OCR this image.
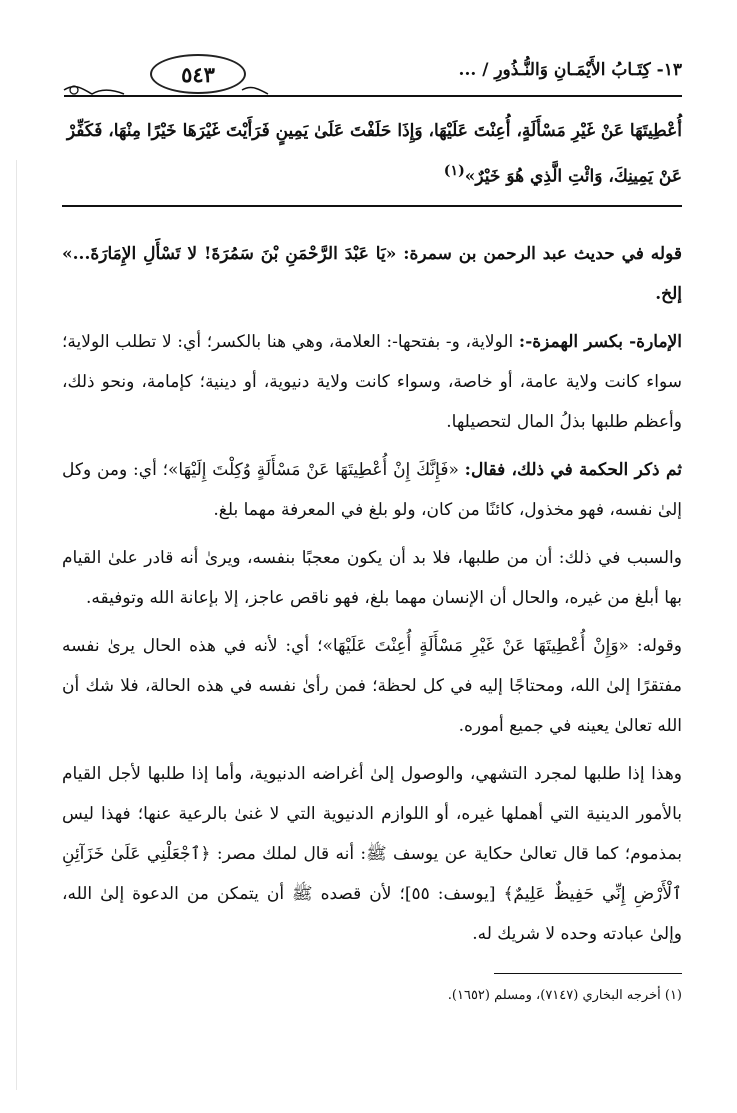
٥٤٣	١٣- كِتَـابُ الأَيْمَـانِ وَالنُّـذُورِ / ...

أُعْطِيتَهَا عَنْ غَيْرِ مَسْأَلَةٍ، أُعِنْتَ عَلَيْهَا، وَإِذَا حَلَفْتَ عَلَىٰ يَمِينٍ فَرَأَيْتَ غَيْرَهَا خَيْرًا مِنْهَا، فَكَفِّرْ

عَنْ يَمِينِكَ، وَائْتِ الَّذِي هُوَ خَيْرٌ»$^{(١)}$

قوله في حديث عبد الرحمن بن سمرة: «يَا عَبْدَ الرَّحْمَنِ بْنَ سَمُرَةَ! لا تَسْأَلِ الإِمَارَةَ...» إلخ.

الإمارة- بكسر الهمزة-: الولاية، و- بفتحها-: العلامة، وهي هنا بالكسر؛ أي: لا تطلب الولاية؛ سواء كانت ولاية عامة، أو خاصة، وسواء كانت ولاية دنيوية، أو دينية؛ كإمامة، ونحو ذلك، وأعظم طلبها بذلُ المال لتحصيلها.

ثم ذكر الحكمة في ذلك، فقال: «فَإِنَّكَ إِنْ أُعْطِيتَهَا عَنْ مَسْأَلَةٍ وُكِلْتَ إِلَيْهَا»؛ أي: ومن وكل إلىٰ نفسه، فهو مخذول، كائنًا من كان، ولو بلغ في المعرفة مهما بلغ.

والسبب في ذلك: أن من طلبها، فلا بد أن يكون معجبًا بنفسه، ويرىٰ أنه قادر علىٰ القيام بها أبلغ من غيره، والحال أن الإنسان مهما بلغ، فهو ناقص عاجز، إلا بإعانة الله وتوفيقه.

وقوله: «وَإِنْ أُعْطِيتَهَا عَنْ غَيْرِ مَسْأَلَةٍ أُعِنْتَ عَلَيْهَا»؛ أي: لأنه في هذه الحال يرىٰ نفسه مفتقرًا إلىٰ الله، ومحتاجًا إليه في كل لحظة؛ فمن رأىٰ نفسه في هذه الحالة، فلا شك أن الله تعالىٰ يعينه في جميع أموره.

وهذا إذا طلبها لمجرد التشهي، والوصول إلىٰ أغراضه الدنيوية، وأما إذا طلبها لأجل القيام بالأمور الدينية التي أهملها غيره، أو اللوازم الدنيوية التي لا غنىٰ بالرعية عنها؛ فهذا ليس بمذموم؛ كما قال تعالىٰ حكاية عن يوسف ﷺ: أنه قال لملك مصر: ﴿ٱجْعَلْنِي عَلَىٰ خَزَآئِنِ ٱلْأَرْضِ إِنِّي حَفِيظٌ عَلِيمٌ﴾ [يوسف: ٥٥]؛ لأن قصده ﷺ أن يتمكن من الدعوة إلىٰ الله، وإلىٰ عبادته وحده لا شريك له.

(١) أخرجه البخاري (٧١٤٧)، ومسلم (١٦٥٢).
